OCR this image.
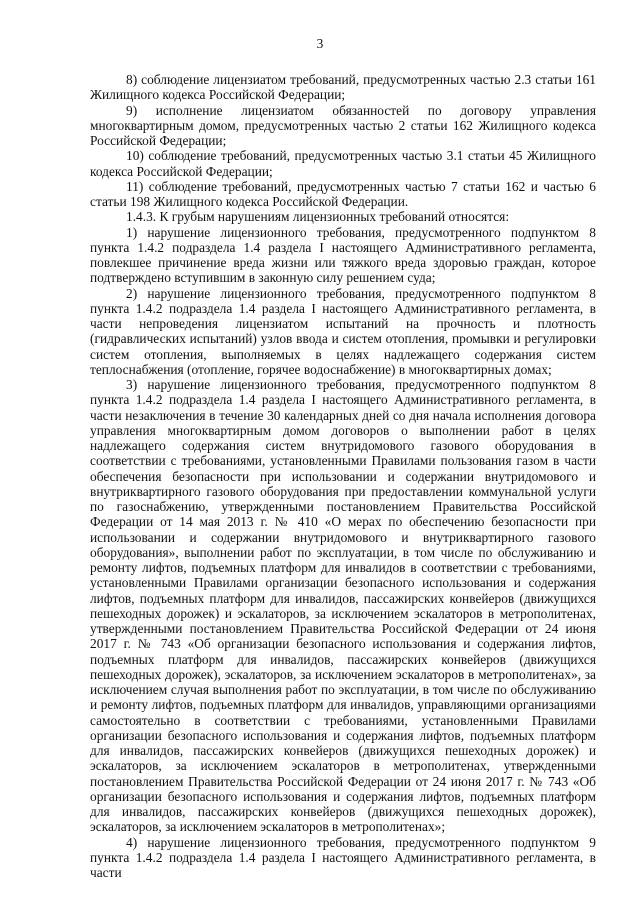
3

8) соблюдение лицензиатом требований, предусмотренных частью 2.3 статьи 161 Жилищного кодекса Российской Федерации;

9) исполнение лицензиатом обязанностей по договору управления многоквартирным домом, предусмотренных частью 2 статьи 162 Жилищного кодекса Российской Федерации;

10) соблюдение требований, предусмотренных частью 3.1 статьи 45 Жилищного кодекса Российской Федерации;

11) соблюдение требований, предусмотренных частью 7 статьи 162 и частью 6 статьи 198 Жилищного кодекса Российской Федерации.

1.4.3. К грубым нарушениям лицензионных требований относятся:

1) нарушение лицензионного требования, предусмотренного подпунктом 8 пункта 1.4.2 подраздела 1.4 раздела I настоящего Административного регламента, повлекшее причинение вреда жизни или тяжкого вреда здоровью граждан, которое подтверждено вступившим в законную силу решением суда;

2) нарушение лицензионного требования, предусмотренного подпунктом 8 пункта 1.4.2 подраздела 1.4 раздела I настоящего Административного регламента, в части непроведения лицензиатом испытаний на прочность и плотность (гидравлических испытаний) узлов ввода и систем отопления, промывки и регулировки систем отопления, выполняемых в целях надлежащего содержания систем теплоснабжения (отопление, горячее водоснабжение) в многоквартирных домах;

3) нарушение лицензионного требования, предусмотренного подпунктом 8 пункта 1.4.2 подраздела 1.4 раздела I настоящего Административного регламента, в части незаключения в течение 30 календарных дней со дня начала исполнения договора управления многоквартирным домом договоров о выполнении работ в целях надлежащего содержания систем внутридомового газового оборудования в соответствии с требованиями, установленными Правилами пользования газом в части обеспечения безопасности при использовании и содержании внутридомового и внутриквартирного газового оборудования при предоставлении коммунальной услуги по газоснабжению, утвержденными постановлением Правительства Российской Федерации от 14 мая 2013 г. № 410 «О мерах по обеспечению безопасности при использовании и содержании внутридомового и внутриквартирного газового оборудования», выполнении работ по эксплуатации, в том числе по обслуживанию и ремонту лифтов, подъемных платформ для инвалидов в соответствии с требованиями, установленными Правилами организации безопасного использования и содержания лифтов, подъемных платформ для инвалидов, пассажирских конвейеров (движущихся пешеходных дорожек) и эскалаторов, за исключением эскалаторов в метрополитенах, утвержденными постановлением Правительства Российской Федерации от 24 июня 2017 г. № 743 «Об организации безопасного использования и содержания лифтов, подъемных платформ для инвалидов, пассажирских конвейеров (движущихся пешеходных дорожек), эскалаторов, за исключением эскалаторов в метрополитенах», за исключением случая выполнения работ по эксплуатации, в том числе по обслуживанию и ремонту лифтов, подъемных платформ для инвалидов, управляющими организациями самостоятельно в соответствии с требованиями, установленными Правилами организации безопасного использования и содержания лифтов, подъемных платформ для инвалидов, пассажирских конвейеров (движущихся пешеходных дорожек) и эскалаторов, за исключением эскалаторов в метрополитенах, утвержденными постановлением Правительства Российской Федерации от 24 июня 2017 г. № 743 «Об организации безопасного использования и содержания лифтов, подъемных платформ для инвалидов, пассажирских конвейеров (движущихся пешеходных дорожек), эскалаторов, за исключением эскалаторов в метрополитенах»;

4) нарушение лицензионного требования, предусмотренного подпунктом 9 пункта 1.4.2 подраздела 1.4 раздела I настоящего Административного регламента, в части
